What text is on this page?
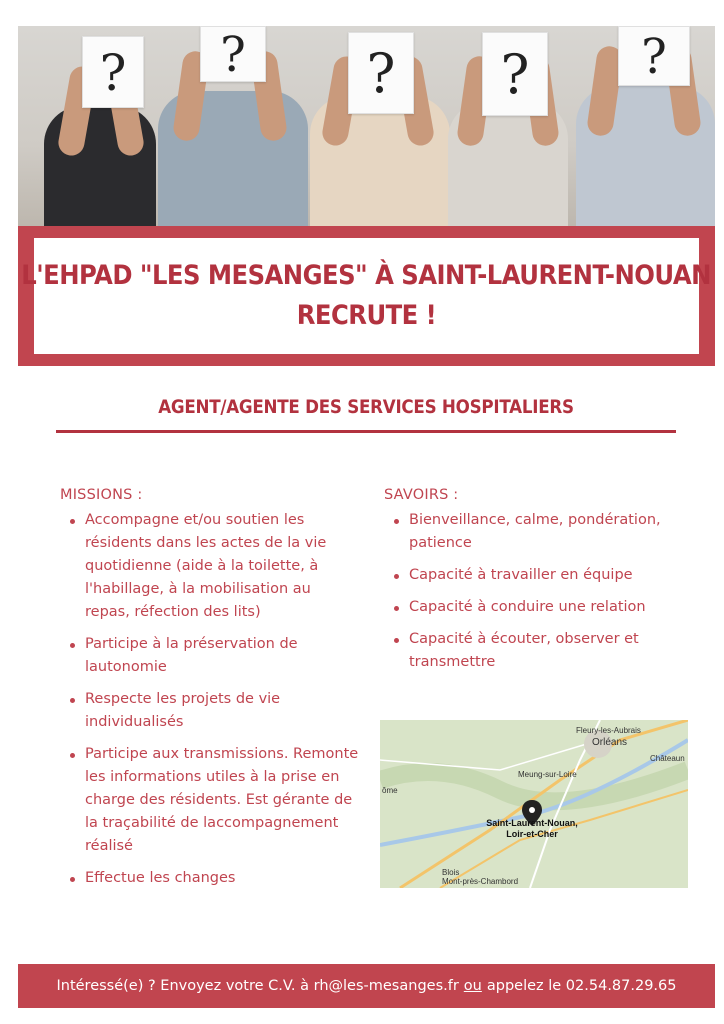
?	?	?	?	?
L'EHPAD "LES MESANGES" À SAINT-LAURENT-NOUAN
RECRUTE !
AGENT/AGENTE DES SERVICES HOSPITALIERS
MISSIONS :
Accompagne et/ou soutien les résidents dans les actes de la vie quotidienne (aide à la toilette, à l'habillage, à la mobilisation au repas, réfection des lits)
Participe à la préservation de lautonomie
Respecte les projets de vie individualisés
Participe aux transmissions. Remonte les informations utiles à la prise en charge des résidents. Est gérante de la traçabilité de laccompagnement réalisé
Effectue les changes
SAVOIRS :
Bienveillance, calme, pondération, patience
Capacité à travailler en équipe
Capacité à conduire une relation
Capacité à écouter, observer et transmettre
Fleury-les-Aubrais
Orléans
Châteaun
Meung-sur-Loire
ôme
Saint-Laurent-Nouan,
Loir-et-Cher
Blois
Mont-près-Chambord
Intéressé(e) ? Envoyez votre C.V. à rh@les-mesanges.fr ou appelez le 02.54.87.29.65
